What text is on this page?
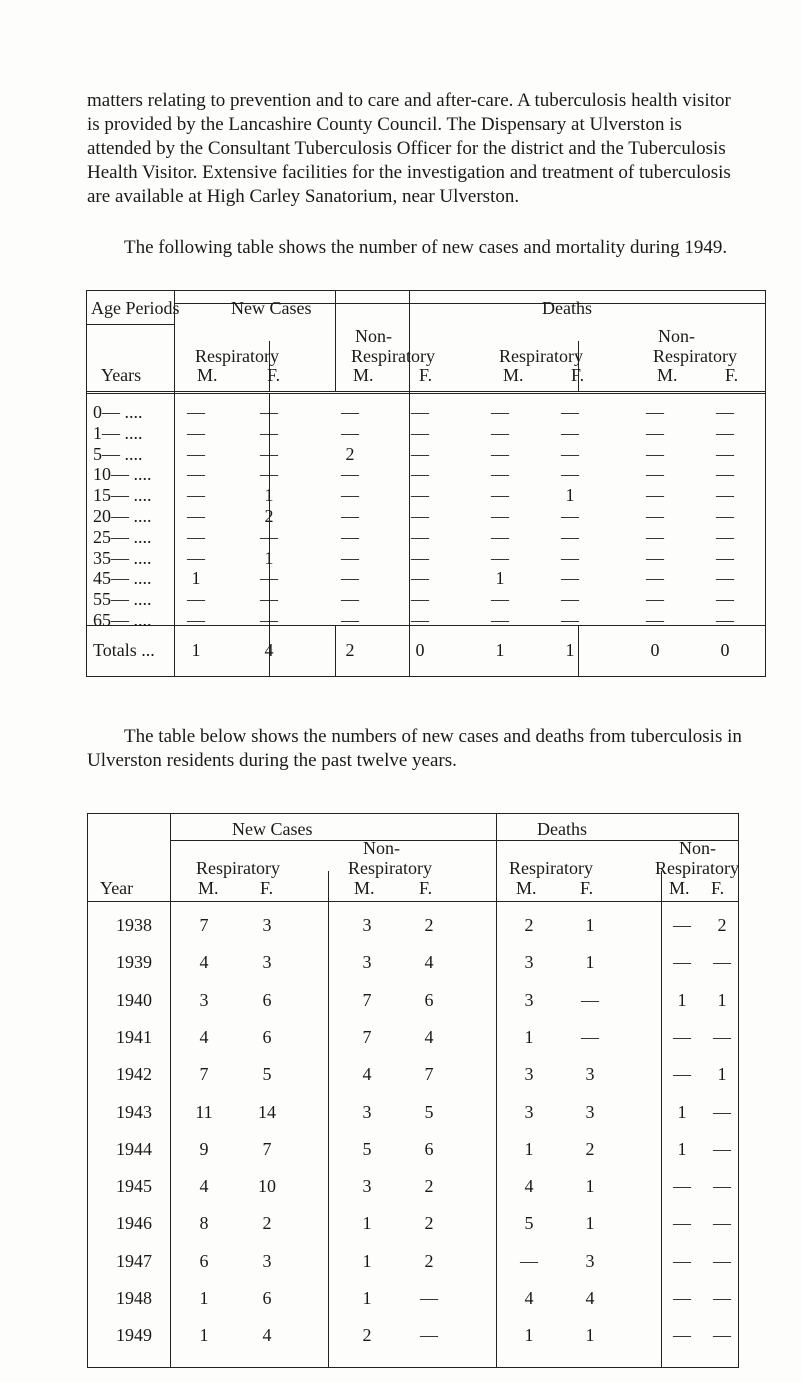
matters relating to prevention and to care and after-care. A tuberculosis health visitor is provided by the Lancashire County Council. The Dispensary at Ulverston is attended by the Consultant Tuberculosis Officer for the district and the Tuberculosis Health Visitor. Extensive facilities for the investigation and treatment of tuberculosis are available at High Carley Sanatorium, near Ulverston.

The following table shows the number of new cases and mortality during 1949.

Age Periods
Years
New Cases	Deaths
Respiratory
Non-
Respiratory	Respiratory
Non-
Respiratory
M.	F.	M.	F.	M.	F.	M.	F.
0— .... —	—	—	—	—	—	—	—
1— .... —	—	—	—	—	—	—	—
5— .... —	—	2	—	—	—	—	—
10— .... —	—	—	—	—	—	—	—
15— .... —	1	—	—	—	1	—	—
20— .... —	2	—	—	—	—	—	—
25— .... —	—	—	—	—	—	—	—
35— .... —	1	—	—	—	—	—	—
45— ....	1	—	—	—	1	—	—	—
55— .... —	—	—	—	—	—	—	—
65— .... —	—	—	—	—	—	—	—
Totals ...	1	4	2	0	1	1	0	0

The table below shows the numbers of new cases and deaths from tuberculosis in Ulverston residents during the past twelve years.

New Cases	Deaths
Year
Respiratory
Non-
Respiratory	Respiratory
Non-
Respiratory
M. F.	M. F.	M. F.	M. F.
1938	7	3	3	2	2	1	—	2
1939	4	3	3	4	3	1	—	—
1940	3	6	7	6	3	—	1	1
1941	4	6	7	4	1	—	—	—
1942	7	5	4	7	3	3	—	1
1943	11	14	3	5	3	3	1	—
1944	9	7	5	6	1	2	1	—
1945	4	10	3	2	4	1	—	—
1946	8	2	1	2	5	1	—	—
1947	6	3	1	2	—	3	—	—
1948	1	6	1	—	4	4	—	—
1949	1	4	2	—	1	1	—	—
